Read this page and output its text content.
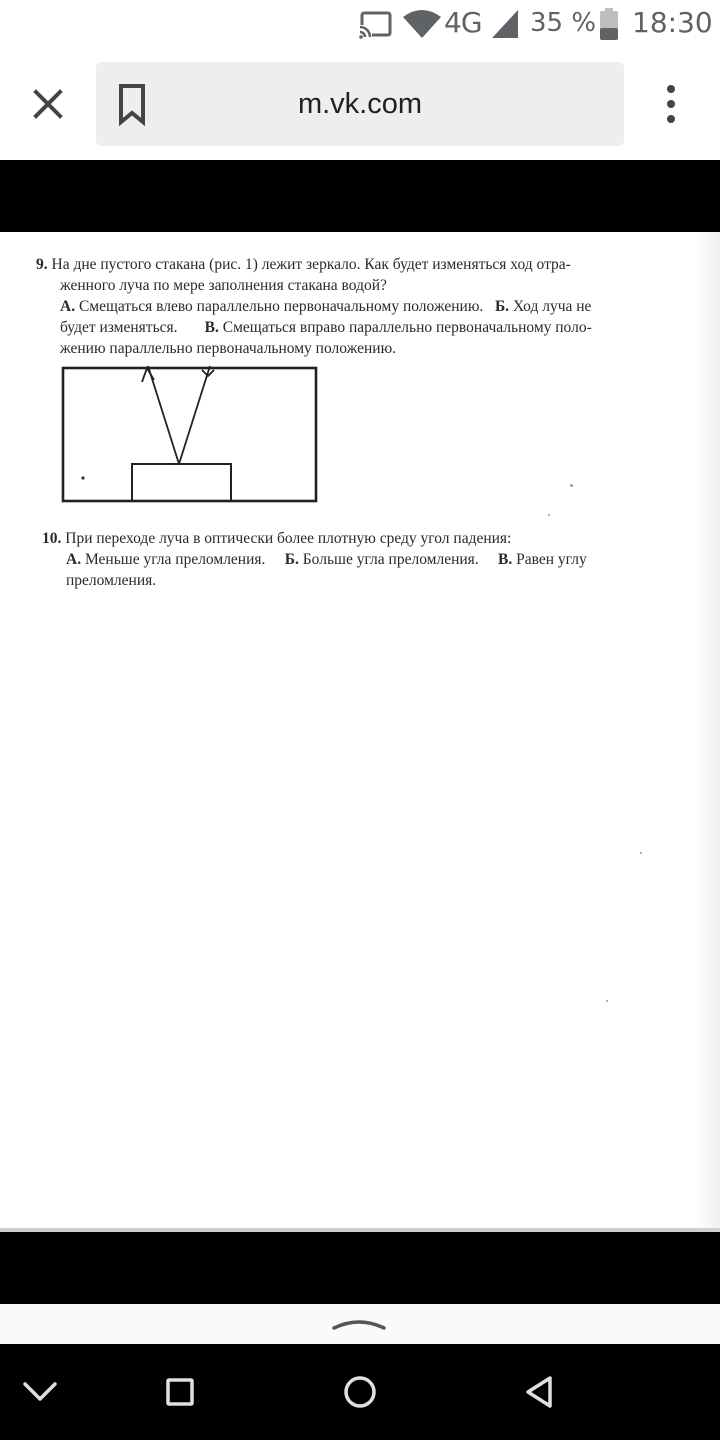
4G 35 % 18:30
m.vk.com
9. На дне пустого стакана (рис. 1) лежит зеркало. Как будет изменяться ход отра-
женного луча по мере заполнения стакана водой?
А. Смещаться влево параллельно первоначальному положению. Б. Ход луча не
будет изменяться. В. Смещаться вправо параллельно первоначальному поло-
жению параллельно первоначальному положению.
10. При переходе луча в оптически более плотную среду угол падения:
А. Меньше угла преломления. Б. Больше угла преломления. В. Равен углу
преломления.
